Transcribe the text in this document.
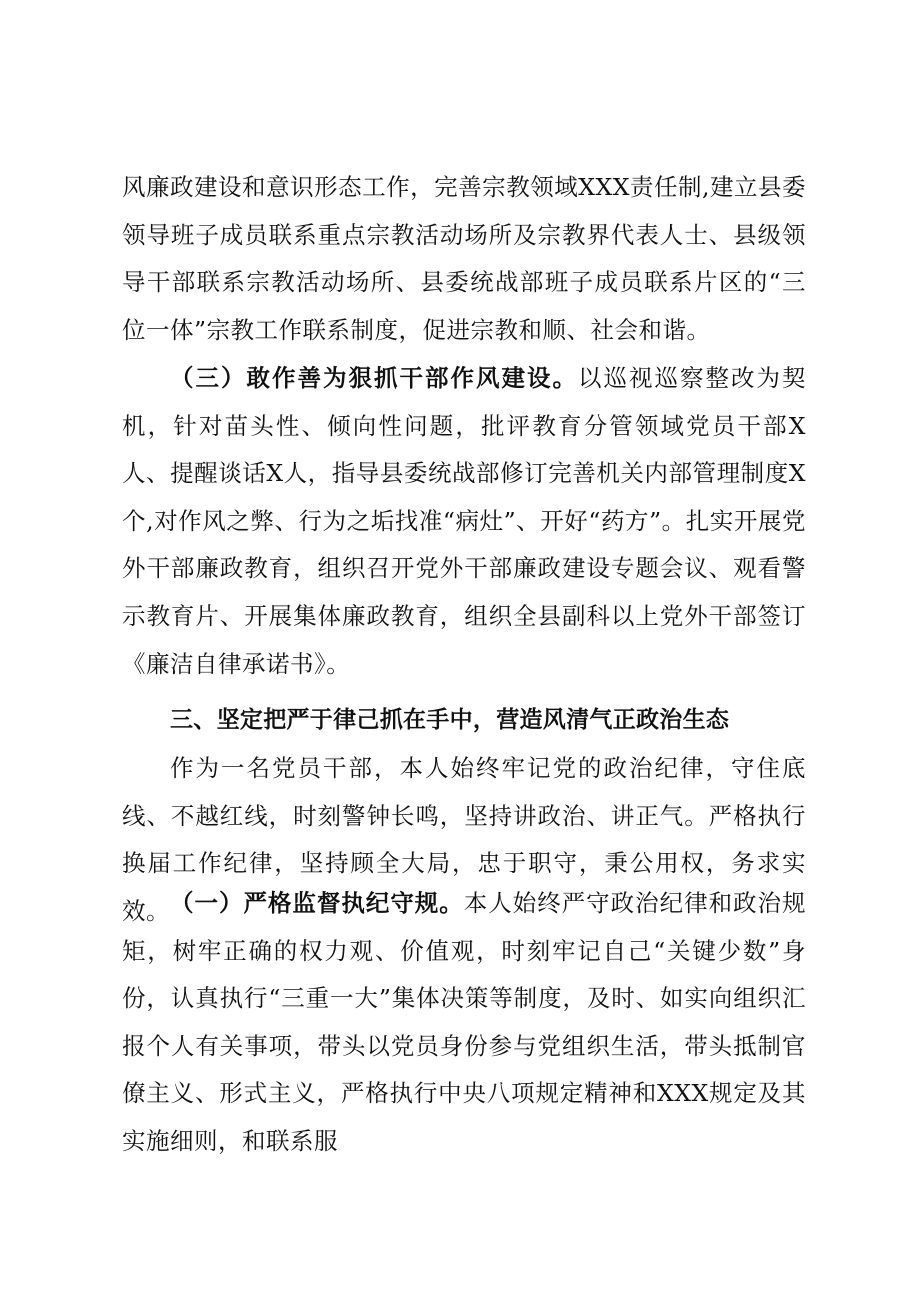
风廉政建设和意识形态工作，完善宗教领域XXX责任制,建立县委领导班子成员联系重点宗教活动场所及宗教界代表人士、县级领导干部联系宗教活动场所、县委统战部班子成员联系片区的“三位一体”宗教工作联系制度，促进宗教和顺、社会和谐。

（三）敢作善为狠抓干部作风建设。以巡视巡察整改为契机，针对苗头性、倾向性问题，批评教育分管领域党员干部X人、提醒谈话X人，指导县委统战部修订完善机关内部管理制度X个,对作风之弊、行为之垢找准“病灶”、开好“药方”。扎实开展党外干部廉政教育，组织召开党外干部廉政建设专题会议、观看警示教育片、开展集体廉政教育，组织全县副科以上党外干部签订《廉洁自律承诺书》。

三、坚定把严于律己抓在手中，营造风清气正政治生态

作为一名党员干部，本人始终牢记党的政治纪律，守住底线、不越红线，时刻警钟长鸣，坚持讲政治、讲正气。严格执行换届工作纪律，坚持顾全大局，忠于职守，秉公用权，务求实效。 （一）严格监督执纪守规。本人始终严守政治纪律和政治规矩，树牢正确的权力观、价值观，时刻牢记自己“关键少数”身份，认真执行“三重一大”集体决策等制度，及时、如实向组织汇报个人有关事项，带头以党员身份参与党组织生活，带头抵制官僚主义、形式主义，严格执行中央八项规定精神和XXX规定及其实施细则，和联系服
